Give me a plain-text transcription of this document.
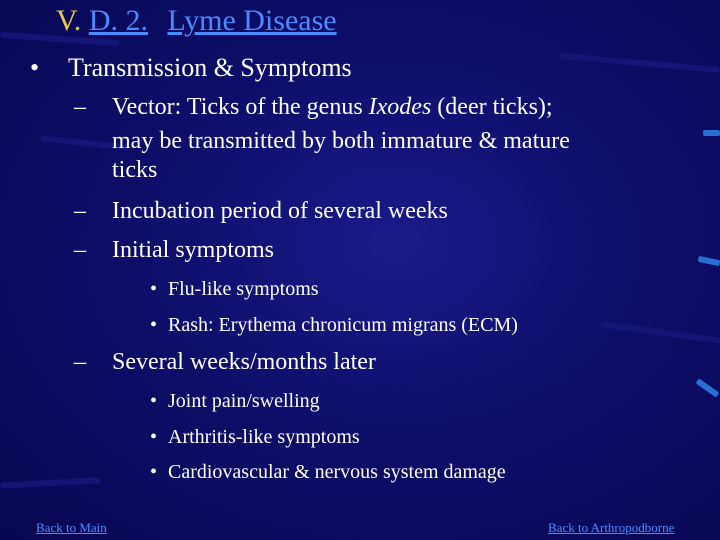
V. D. 2. Lyme Disease
• Transmission & Symptoms
– Vector: Ticks of the genus Ixodes (deer ticks);
may be transmitted by both immature & mature
ticks
– Incubation period of several weeks
– Initial symptoms
• Flu-like symptoms
• Rash: Erythema chronicum migrans (ECM)
– Several weeks/months later
• Joint pain/swelling
• Arthritis-like symptoms
• Cardiovascular & nervous system damage
Back to Main	Back to Arthropodborne
